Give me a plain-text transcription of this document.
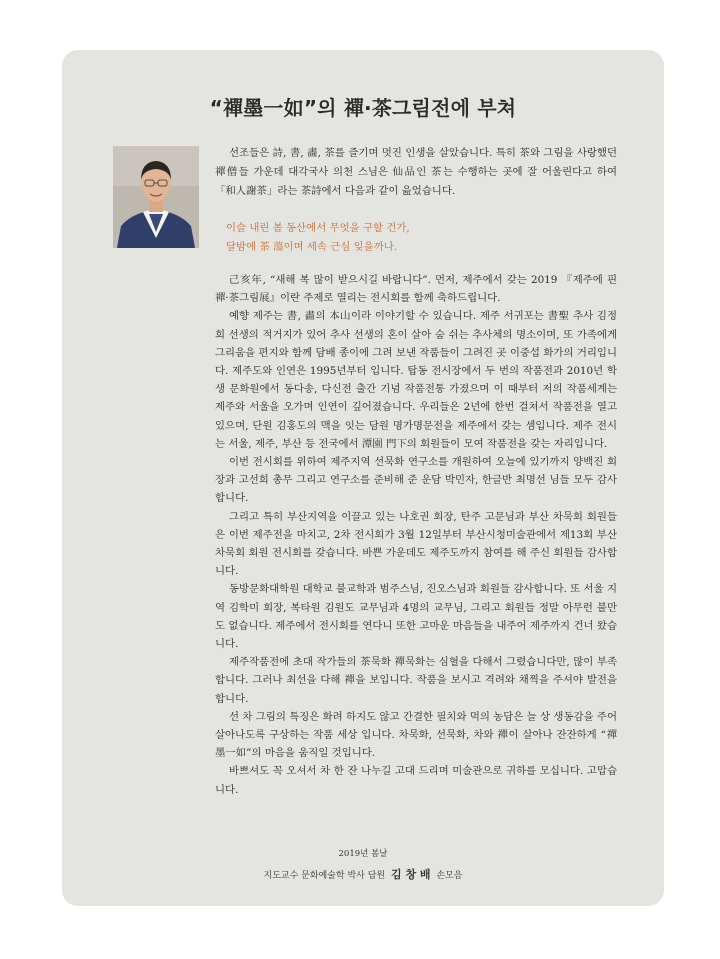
“禪墨一如”의 禪·茶그림전에 부쳐
선조들은 詩, 書, 畵, 茶를 즐기며 멋진 인생을 살았습니다. 특히 茶와 그림을 사랑했던 禪僧들 가운데 대각국사 의천 스님은 仙品인 茶는 수행하는 곳에 잘 어울린다고 하여 「和人謝茶」라는 茶詩에서 다음과 같이 읊었습니다.
이슬 내린 봄 동산에서 무엇을 구할 건가,
달밤에 茶 蕩이며 세속 근심 잊을까나.

己亥年, “새해 복 많이 받으시길 바랍니다”. 먼저, 제주에서 갖는 2019 『제주에 핀 禪·茶그림展』이란 주제로 열리는 전시회를 함께 축하드립니다.

예향 제주는 書, 畵의 本山이라 이야기할 수 있습니다. 제주 서귀포는 書聖 추사 김정희 선생의 적거지가 있어 추사 선생의 혼이 살아 숨 쉬는 추사체의 명소이며, 또 가족에게 그리움을 편지와 함께 담배 종이에 그려 보낸 작품들이 그려진 곳 이중섭 화가의 거리입니다. 제주도와 인연은 1995년부터 입니다. 탑동 전시장에서 두 번의 작품전과 2010년 학생 문화원에서 동다송, 다신전 출간 기념 작품전통 가졌으며 이 때부터 저의 작품세계는 제주와 서울을 오가며 인연이 깊어졌습니다. 우리들은 2년에 한번 걸쳐서 작품전을 열고 있으며, 단원 김홍도의 맥을 잇는 담원 명가명문전을 제주에서 갖는 셈입니다. 제주 전시는 서울, 제주, 부산 등 전국에서 潭園 門下의 회원들이 모여 작품전을 갖는 자리입니다.

이번 전시회를 위하여 제주지역 선묵화 연구소를 개원하여 오늘에 있기까지 양백진 회장과 고선희 총무 그리고 연구소를 준비해 준 운담 박민자, 한글반 최명선 님들 모두 감사합니다.

그리고 특히 부산지역을 이끌고 있는 나호권 회장, 탄주 고문님과 부산 차묵회 회원들은 이번 제주전을 마치고, 2차 전시회가 3월 12일부터 부산시청미술관에서 제13회 부산 차묵회 회원 전시회를 갖습니다. 바쁜 가운데도 제주도까지 참여를 해 주신 회원들 감사합니다.

동방문화대학원 대학교 불교학과 범주스님, 진오스님과 회원들 감사합니다. 또 서울 지역 김학미 회장, 복타원 김원도 교무님과 4명의 교무님, 그리고 회원들 정말 아무런 불만도 없습니다. 제주에서 전시회를 연다니 또한 고마운 마음들을 내주어 제주까지 건너 왔습니다.

제주작품전에 초대 작가들의 茶묵화 禪묵화는 심혈을 다해서 그렸습니다만, 많이 부족합니다. 그러나 최선을 다해 禪을 보입니다. 작품을 보시고 격려와 채찍을 주셔야 발전을 합니다.

선 차 그림의 특징은 화려 하지도 않고 간결한 필치와 먹의 농담은 늘 상 생동감을 주어 살아나도록 구상하는 작품 세상 입니다. 차묵화, 선묵화, 차와 禪이 살아나 잔잔하게 “禪墨一如”의 마음을 움직일 것입니다.

바쁘셔도 꼭 오셔서 차 한 잔 나누길 고대 드리며 미술관으로 귀하를 모십니다. 고맙습니다.

2019년 봄날
지도교수 문화예술학 박사 담원 김 창 배 손모음
